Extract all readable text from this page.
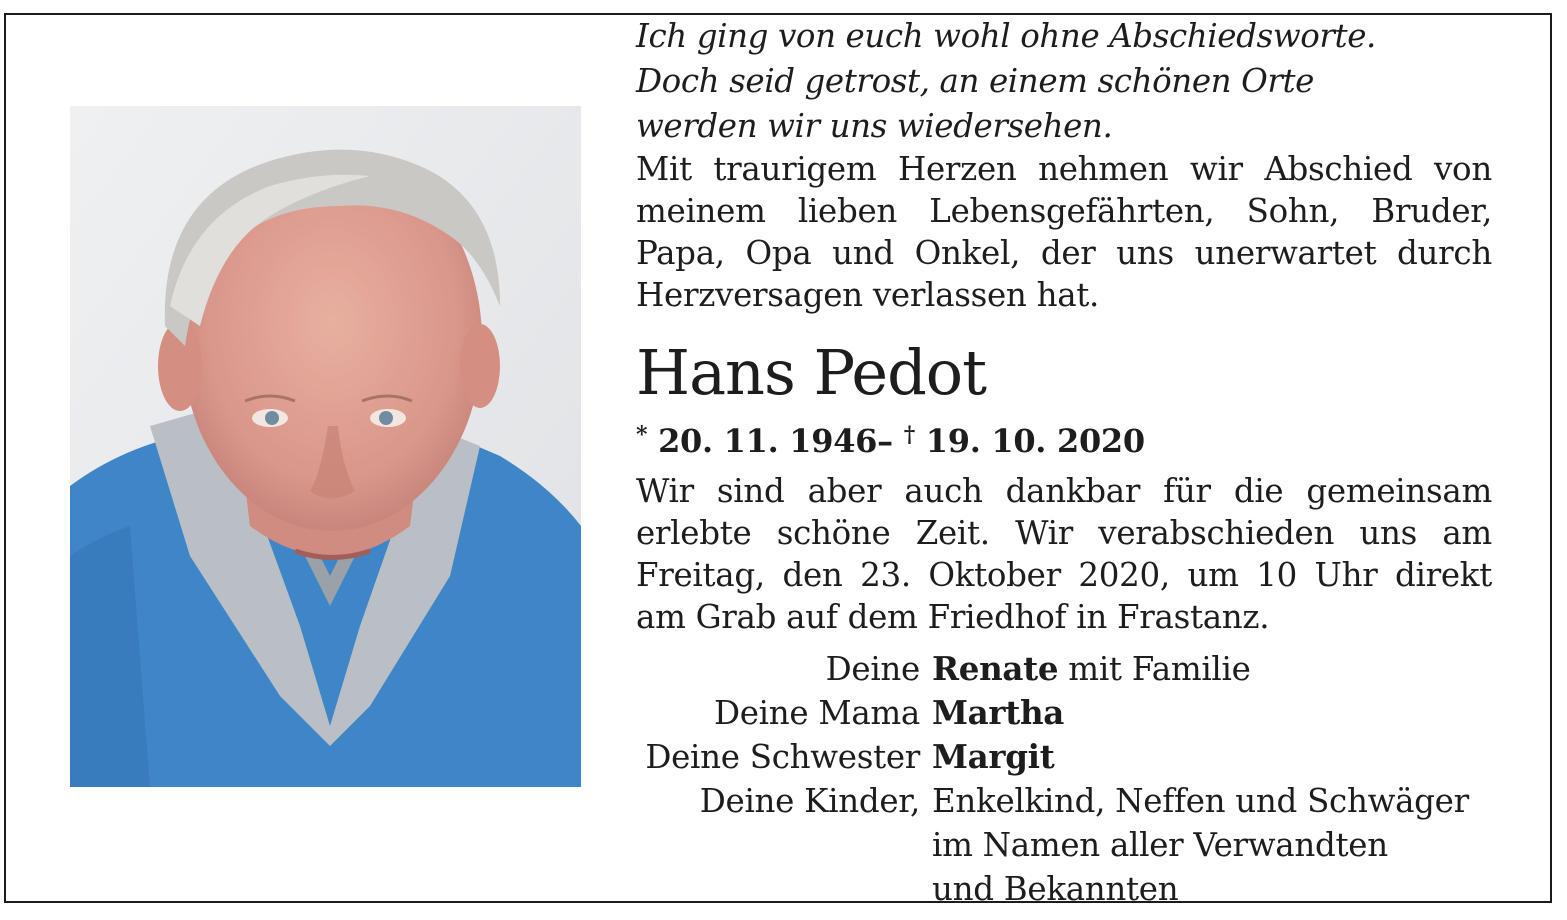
Ich ging von euch wohl ohne Abschiedsworte.
Doch seid getrost, an einem schönen Orte
werden wir uns wiedersehen.
Mit traurigem Herzen nehmen wir Abschied von
meinem lieben Lebensgefährten, Sohn, Bruder,
Papa, Opa und Onkel, der uns unerwartet durch
Herzversagen verlassen hat.
Hans Pedot
* 20. 11. 1946– † 19. 10. 2020
Wir sind aber auch dankbar für die gemeinsam
erlebte schöne Zeit. Wir verabschieden uns am
Freitag, den 23. Oktober 2020, um 10 Uhr direkt
am Grab auf dem Friedhof in Frastanz.
Deine Renate mit Familie
Deine Mama Martha
Deine Schwester Margit
Deine Kinder, Enkelkind, Neffen und Schwäger
im Namen aller Verwandten
und Bekannten
